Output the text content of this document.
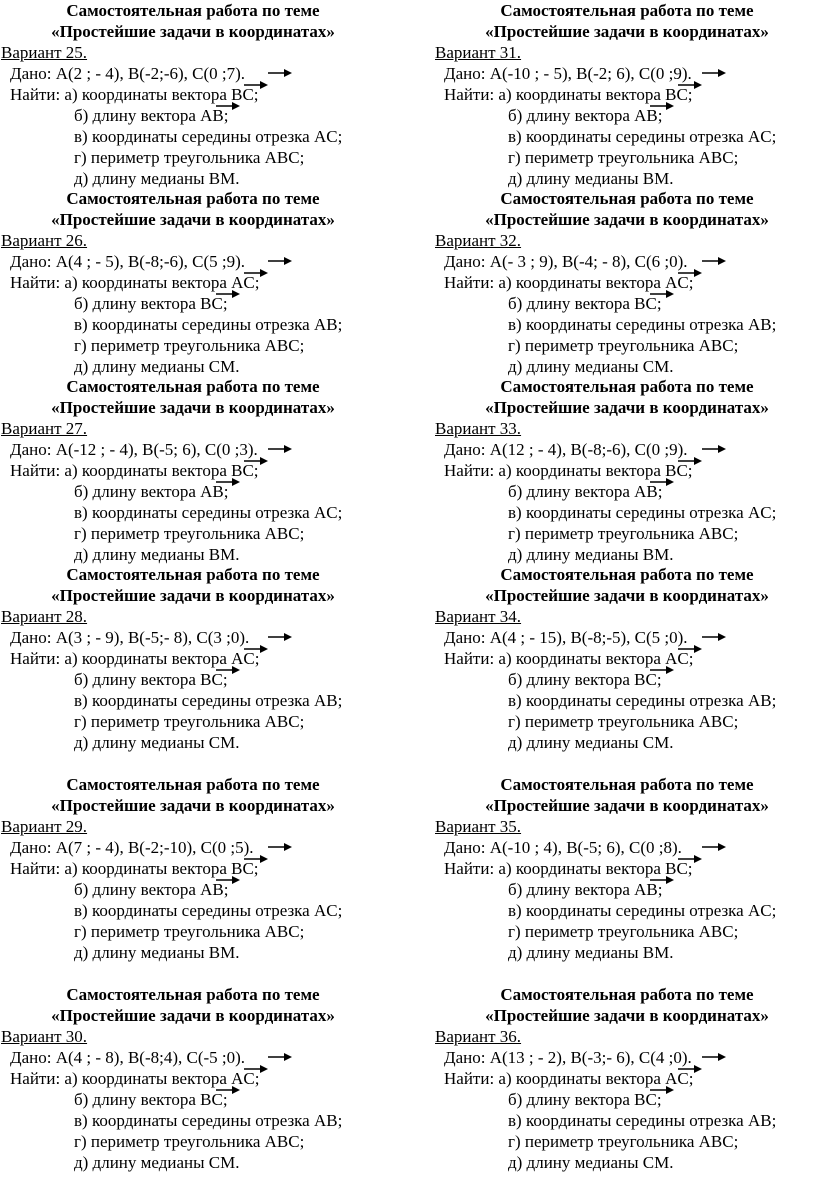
Самостоятельная работа по теме
«Простейшие задачи в координатах»
Вариант 25.
Дано: A(2 ; - 4), B(-2;-6), C(0 ;7).
Найти: а) координаты вектора BC;
б) длину вектора AB;
в) координаты середины отрезка AC;
г) периметр треугольника ABC;
д) длину медианы BM.
Самостоятельная работа по теме
«Простейшие задачи в координатах»
Вариант 26.
Дано: A(4 ; - 5), B(-8;-6), C(5 ;9).
Найти: а) координаты вектора AC;
б) длину вектора BC;
в) координаты середины отрезка AB;
г) периметр треугольника ABC;
д) длину медианы CM.
Самостоятельная работа по теме
«Простейшие задачи в координатах»
Вариант 27.
Дано: A(-12 ; - 4), B(-5; 6), C(0 ;3).
Найти: а) координаты вектора BC;
б) длину вектора AB;
в) координаты середины отрезка AC;
г) периметр треугольника ABC;
д) длину медианы BM.
Самостоятельная работа по теме
«Простейшие задачи в координатах»
Вариант 28.
Дано: A(3 ; - 9), B(-5;- 8), C(3 ;0).
Найти: а) координаты вектора AC;
б) длину вектора BC;
в) координаты середины отрезка AB;
г) периметр треугольника ABC;
д) длину медианы CM.
Самостоятельная работа по теме
«Простейшие задачи в координатах»
Вариант 29.
Дано: A(7 ; - 4), B(-2;-10), C(0 ;5).
Найти: а) координаты вектора BC;
б) длину вектора AB;
в) координаты середины отрезка AC;
г) периметр треугольника ABC;
д) длину медианы BM.
Самостоятельная работа по теме
«Простейшие задачи в координатах»
Вариант 30.
Дано: A(4 ; - 8), B(-8;4), C(-5 ;0).
Найти: а) координаты вектора AC;
б) длину вектора BC;
в) координаты середины отрезка AB;
г) периметр треугольника ABC;
д) длину медианы CM.
Самостоятельная работа по теме
«Простейшие задачи в координатах»
Вариант 31.
Дано: A(-10 ; - 5), B(-2; 6), C(0 ;9).
Найти: а) координаты вектора BC;
б) длину вектора AB;
в) координаты середины отрезка AC;
г) периметр треугольника ABC;
д) длину медианы BM.
Самостоятельная работа по теме
«Простейшие задачи в координатах»
Вариант 32.
Дано: A(- 3 ; 9), B(-4; - 8), C(6 ;0).
Найти: а) координаты вектора AC;
б) длину вектора BC;
в) координаты середины отрезка AB;
г) периметр треугольника ABC;
д) длину медианы CM.
Самостоятельная работа по теме
«Простейшие задачи в координатах»
Вариант 33.
Дано: A(12 ; - 4), B(-8;-6), C(0 ;9).
Найти: а) координаты вектора BC;
б) длину вектора AB;
в) координаты середины отрезка AC;
г) периметр треугольника ABC;
д) длину медианы BM.
Самостоятельная работа по теме
«Простейшие задачи в координатах»
Вариант 34.
Дано: A(4 ; - 15), B(-8;-5), C(5 ;0).
Найти: а) координаты вектора AC;
б) длину вектора BC;
в) координаты середины отрезка AB;
г) периметр треугольника ABC;
д) длину медианы CM.
Самостоятельная работа по теме
«Простейшие задачи в координатах»
Вариант 35.
Дано: A(-10 ; 4), B(-5; 6), C(0 ;8).
Найти: а) координаты вектора BC;
б) длину вектора AB;
в) координаты середины отрезка AC;
г) периметр треугольника ABC;
д) длину медианы BM.
Самостоятельная работа по теме
«Простейшие задачи в координатах»
Вариант 36.
Дано: A(13 ; - 2), B(-3;- 6), C(4 ;0).
Найти: а) координаты вектора AC;
б) длину вектора BC;
в) координаты середины отрезка AB;
г) периметр треугольника ABC;
д) длину медианы CM.
